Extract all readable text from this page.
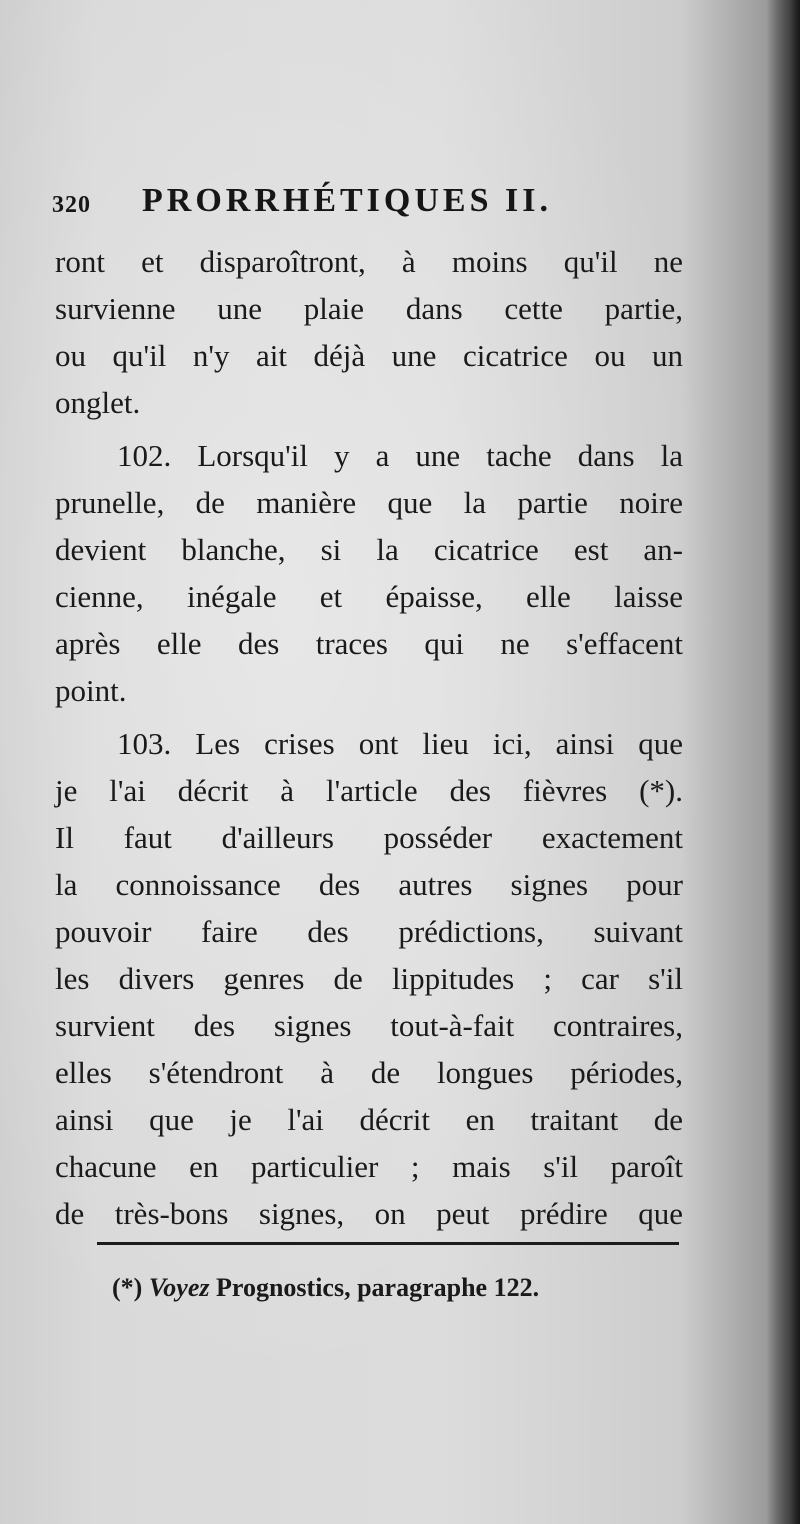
320 PRORRHÉTIQUES II.
ront et disparoîtront, à moins qu'il ne
survienne une plaie dans cette partie,
ou qu'il n'y ait déjà une cicatrice ou un
onglet.
102. Lorsqu'il y a une tache dans la
prunelle, de manière que la partie noire
devient blanche, si la cicatrice est an-
cienne, inégale et épaisse, elle laisse
après elle des traces qui ne s'effacent
point.
103. Les crises ont lieu ici, ainsi que
je l'ai décrit à l'article des fièvres (*).
Il faut d'ailleurs posséder exactement
la connoissance des autres signes pour
pouvoir faire des prédictions, suivant
les divers genres de lippitudes ; car s'il
survient des signes tout-à-fait contraires,
elles s'étendront à de longues périodes,
ainsi que je l'ai décrit en traitant de
chacune en particulier ; mais s'il paroît
de très-bons signes, on peut prédire que
(*) Voyez Prognostics, paragraphe 122.
